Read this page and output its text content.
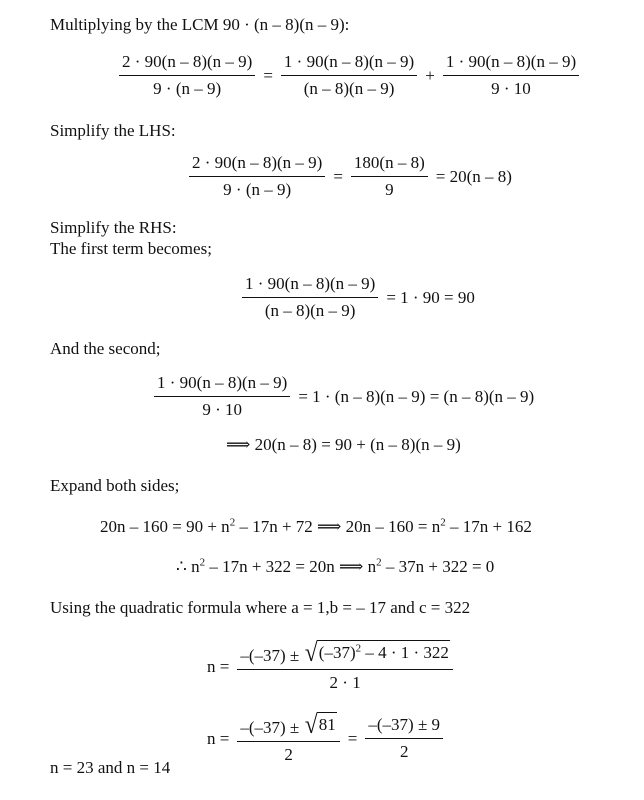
Multiplying by the LCM 90 · (n – 8)(n – 9):
$\frac{2 \cdot 90(n - 8)(n - 9)}{9 \cdot (n - 9)} = \frac{1 \cdot 90(n - 8)(n - 9)}{(n - 8)(n - 9)} + \frac{1 \cdot 90(n - 8)(n - 9)}{9 \cdot 10}$
Simplify the LHS:
$\frac{2 \cdot 90(n - 8)(n - 9)}{9 \cdot (n - 9)} = \frac{180(n - 8)}{9} = 20(n - 8)$
Simplify the RHS:
The first term becomes;
$\frac{1 \cdot 90(n - 8)(n - 9)}{(n - 8)(n - 9)} = 1 \cdot 90 = 90$
And the second;
$\frac{1 \cdot 90(n - 8)(n - 9)}{9 \cdot 10} = 1 \cdot (n - 8)(n - 9) = (n - 8)(n - 9)$
⟹ 20(n – 8) = 90 + (n – 8)(n – 9)
Expand both sides;
$20n - 160 = 90 + n^2 - 17n + 72$ ⟹ $20n - 160 = n^2 - 17n + 162$
∴ $n^2 - 17n + 322 = 20n$ ⟹ $n^2 - 37n + 322 = 0$
Using the quadratic formula where a = 1,b = – 17 and c = 322
$n = \frac{-(-37) \pm √ (-37)^2 - 4 \cdot 1 \cdot 322}{2 \cdot 1}$
$n = \frac{-(-37) \pm √ 81}{2} = \frac{-(-37) \pm 9}{2}$
n = 23 and n = 14
